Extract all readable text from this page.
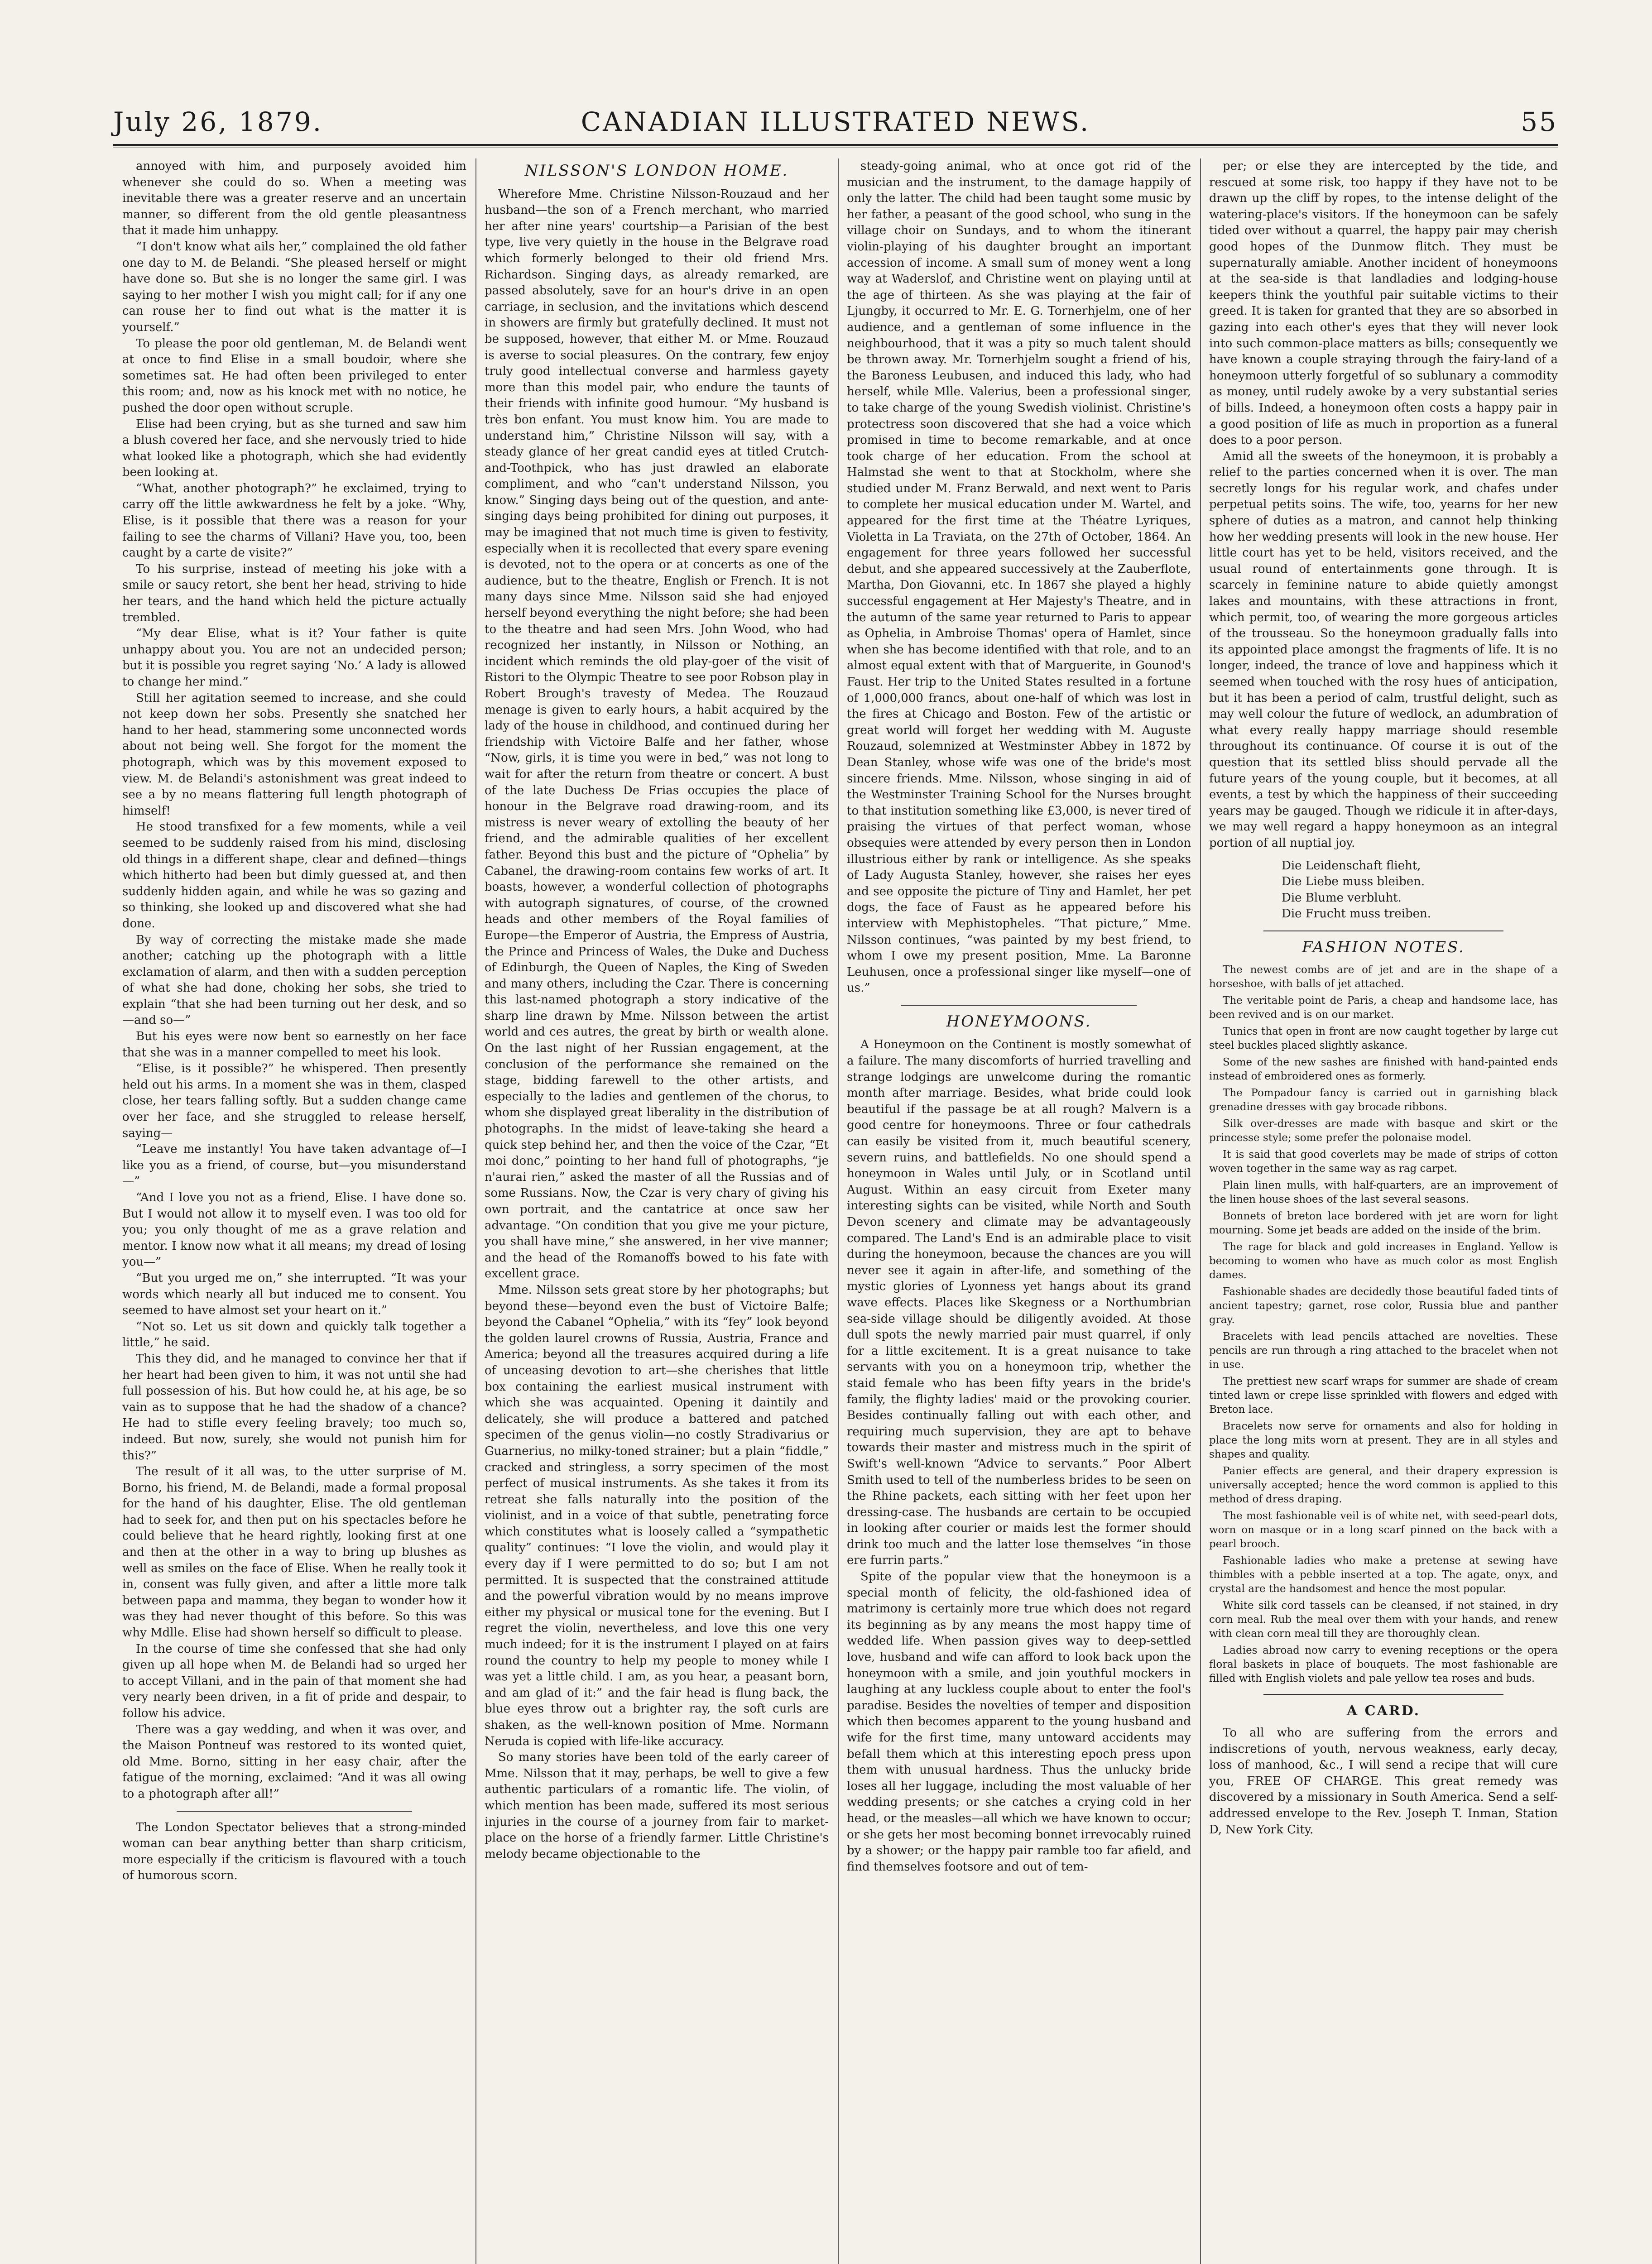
July 26, 1879.	CANADIAN ILLUSTRATED NEWS.	55

annoyed with him, and purposely avoided him whenever she could do so. When a meeting was inevitable there was a greater reserve and an uncertain manner, so different from the old gentle pleasantness that it made him unhappy.

“I don't know what ails her,” complained the old father one day to M. de Belandi. “She pleased herself or might have done so. But she is no longer the same girl. I was saying to her mother I wish you might call; for if any one can rouse her to find out what is the matter it is yourself.”

To please the poor old gentleman, M. de Belandi went at once to find Elise in a small boudoir, where she sometimes sat. He had often been privileged to enter this room; and, now as his knock met with no notice, he pushed the door open without scruple.

Elise had been crying, but as she turned and saw him a blush covered her face, and she nervously tried to hide what looked like a photograph, which she had evidently been looking at.

“What, another photograph?” he exclaimed, trying to carry off the little awkwardness he felt by a joke. “Why, Elise, is it possible that there was a reason for your failing to see the charms of Villani? Have you, too, been caught by a carte de visite?”

To his surprise, instead of meeting his joke with a smile or saucy retort, she bent her head, striving to hide her tears, and the hand which held the picture actually trembled.

“My dear Elise, what is it? Your father is quite unhappy about you. You are not an undecided person; but it is possible you regret saying ‘No.’ A lady is allowed to change her mind.”

Still her agitation seemed to increase, and she could not keep down her sobs. Presently she snatched her hand to her head, stammering some unconnected words about not being well. She forgot for the moment the photograph, which was by this movement exposed to view. M. de Belandi's astonishment was great indeed to see a by no means flattering full length photograph of himself!

He stood transfixed for a few moments, while a veil seemed to be suddenly raised from his mind, disclosing old things in a different shape, clear and defined—things which hitherto had been but dimly guessed at, and then suddenly hidden again, and while he was so gazing and so thinking, she looked up and discovered what she had done.

By way of correcting the mistake made she made another; catching up the photograph with a little exclamation of alarm, and then with a sudden perception of what she had done, choking her sobs, she tried to explain “that she had been turning out her desk, and so—and so—”

But his eyes were now bent so earnestly on her face that she was in a manner compelled to meet his look.

“Elise, is it possible?” he whispered. Then presently held out his arms. In a moment she was in them, clasped close, her tears falling softly. But a sudden change came over her face, and she struggled to release herself, saying—

“Leave me instantly! You have taken advantage of—I like you as a friend, of course, but—you misunderstand—”

“And I love you not as a friend, Elise. I have done so. But I would not allow it to myself even. I was too old for you; you only thought of me as a grave relation and mentor. I know now what it all means; my dread of losing you—”

“But you urged me on,” she interrupted. “It was your words which nearly all but induced me to consent. You seemed to have almost set your heart on it.”

“Not so. Let us sit down and quickly talk together a little,” he said.

This they did, and he managed to convince her that if her heart had been given to him, it was not until she had full possession of his. But how could he, at his age, be so vain as to suppose that he had the shadow of a chance? He had to stifle every feeling bravely; too much so, indeed. But now, surely, she would not punish him for this?”

The result of it all was, to the utter surprise of M. Borno, his friend, M. de Belandi, made a formal proposal for the hand of his daughter, Elise. The old gentleman had to seek for, and then put on his spectacles before he could believe that he heard rightly, looking first at one and then at the other in a way to bring up blushes as well as smiles on the face of Elise. When he really took it in, consent was fully given, and after a little more talk between papa and mamma, they began to wonder how it was they had never thought of this before. So this was why Mdlle. Elise had shown herself so difficult to please.

In the course of time she confessed that she had only given up all hope when M. de Belandi had so urged her to accept Villani, and in the pain of that moment she had very nearly been driven, in a fit of pride and despair, to follow his advice.

There was a gay wedding, and when it was over, and the Maison Pontneuf was restored to its wonted quiet, old Mme. Borno, sitting in her easy chair, after the fatigue of the morning, exclaimed: “And it was all owing to a photograph after all!”

The London Spectator believes that a strong-minded woman can bear anything better than sharp criticism, more especially if the criticism is flavoured with a touch of humorous scorn.

NILSSON'S LONDON HOME.

Wherefore Mme. Christine Nilsson-Rouzaud and her husband—the son of a French merchant, who married her after nine years' courtship—a Parisian of the best type, live very quietly in the house in the Belgrave road which formerly belonged to their old friend Mrs. Richardson. Singing days, as already remarked, are passed absolutely, save for an hour's drive in an open carriage, in seclusion, and the invitations which descend in showers are firmly but gratefully declined. It must not be supposed, however, that either M. or Mme. Rouzaud is averse to social pleasures. On the contrary, few enjoy truly good intellectual converse and harmless gayety more than this model pair, who endure the taunts of their friends with infinite good humour. “My husband is très bon enfant. You must know him. You are made to understand him,” Christine Nilsson will say, with a steady glance of her great candid eyes at titled Crutch-and-Toothpick, who has just drawled an elaborate compliment, and who “can't understand Nilsson, you know.” Singing days being out of the question, and ante-singing days being prohibited for dining out purposes, it may be imagined that not much time is given to festivity, especially when it is recollected that every spare evening is devoted, not to the opera or at concerts as one of the audience, but to the theatre, English or French. It is not many days since Mme. Nilsson said she had enjoyed herself beyond everything the night before; she had been to the theatre and had seen Mrs. John Wood, who had recognized her instantly, in Nilsson or Nothing, an incident which reminds the old play-goer of the visit of Ristori to the Olympic Theatre to see poor Robson play in Robert Brough's travesty of Medea. The Rouzaud menage is given to early hours, a habit acquired by the lady of the house in childhood, and continued during her friendship with Victoire Balfe and her father, whose “Now, girls, it is time you were in bed,” was not long to wait for after the return from theatre or concert. A bust of the late Duchess De Frias occupies the place of honour in the Belgrave road drawing-room, and its mistress is never weary of extolling the beauty of her friend, and the admirable qualities of her excellent father. Beyond this bust and the picture of “Ophelia” by Cabanel, the drawing-room contains few works of art. It boasts, however, a wonderful collection of photographs with autograph signatures, of course, of the crowned heads and other members of the Royal families of Europe—the Emperor of Austria, the Empress of Austria, the Prince and Princess of Wales, the Duke and Duchess of Edinburgh, the Queen of Naples, the King of Sweden and many others, including the Czar. There is concerning this last-named photograph a story indicative of the sharp line drawn by Mme. Nilsson between the artist world and ces autres, the great by birth or wealth alone. On the last night of her Russian engagement, at the conclusion of the performance she remained on the stage, bidding farewell to the other artists, and especially to the ladies and gentlemen of the chorus, to whom she displayed great liberality in the distribution of photographs. In the midst of leave-taking she heard a quick step behind her, and then the voice of the Czar, “Et moi donc,” pointing to her hand full of photographs, “je n'aurai rien,” asked the master of all the Russias and of some Russians. Now, the Czar is very chary of giving his own portrait, and the cantatrice at once saw her advantage. “On condition that you give me your picture, you shall have mine,” she answered, in her vive manner; and the head of the Romanoffs bowed to his fate with excellent grace.

Mme. Nilsson sets great store by her photographs; but beyond these—beyond even the bust of Victoire Balfe; beyond the Cabanel “Ophelia,” with its “fey” look beyond the golden laurel crowns of Russia, Austria, France and America; beyond all the treasures acquired during a life of unceasing devotion to art—she cherishes that little box containing the earliest musical instrument with which she was acquainted. Opening it daintily and delicately, she will produce a battered and patched specimen of the genus violin—no costly Stradivarius or Guarnerius, no milky-toned strainer; but a plain “fiddle,” cracked and stringless, a sorry specimen of the most perfect of musical instruments. As she takes it from its retreat she falls naturally into the position of the violinist, and in a voice of that subtle, penetrating force which constitutes what is loosely called a “sympathetic quality” continues: “I love the violin, and would play it every day if I were permitted to do so; but I am not permitted. It is suspected that the constrained attitude and the powerful vibration would by no means improve either my physical or musical tone for the evening. But I regret the violin, nevertheless, and love this one very much indeed; for it is the instrument I played on at fairs round the country to help my people to money while I was yet a little child. I am, as you hear, a peasant born, and am glad of it:” and the fair head is flung back, the blue eyes throw out a brighter ray, the soft curls are shaken, as the well-known position of Mme. Normann Neruda is copied with life-like accuracy.

So many stories have been told of the early career of Mme. Nilsson that it may, perhaps, be well to give a few authentic particulars of a romantic life. The violin, of which mention has been made, suffered its most serious injuries in the course of a journey from fair to market-place on the horse of a friendly farmer. Little Christine's melody became objectionable to the

steady-going animal, who at once got rid of the musician and the instrument, to the damage happily of only the latter. The child had been taught some music by her father, a peasant of the good school, who sung in the village choir on Sundays, and to whom the itinerant violin-playing of his daughter brought an important accession of income. A small sum of money went a long way at Waderslof, and Christine went on playing until at the age of thirteen. As she was playing at the fair of Ljungby, it occurred to Mr. E. G. Tornerhjelm, one of her audience, and a gentleman of some influence in the neighbourhood, that it was a pity so much talent should be thrown away. Mr. Tornerhjelm sought a friend of his, the Baroness Leubusen, and induced this lady, who had herself, while Mlle. Valerius, been a professional singer, to take charge of the young Swedish violinist. Christine's protectress soon discovered that she had a voice which promised in time to become remarkable, and at once took charge of her education. From the school at Halmstad she went to that at Stockholm, where she studied under M. Franz Berwald, and next went to Paris to complete her musical education under M. Wartel, and appeared for the first time at the Théatre Lyriques, Violetta in La Traviata, on the 27th of October, 1864. An engagement for three years followed her successful debut, and she appeared successively at the Zauberflote, Martha, Don Giovanni, etc. In 1867 she played a highly successful engagement at Her Majesty's Theatre, and in the autumn of the same year returned to Paris to appear as Ophelia, in Ambroise Thomas' opera of Hamlet, since when she has become identified with that role, and to an almost equal extent with that of Marguerite, in Gounod's Faust. Her trip to the United States resulted in a fortune of 1,000,000 francs, about one-half of which was lost in the fires at Chicago and Boston. Few of the artistic or great world will forget her wedding with M. Auguste Rouzaud, solemnized at Westminster Abbey in 1872 by Dean Stanley, whose wife was one of the bride's most sincere friends. Mme. Nilsson, whose singing in aid of the Westminster Training School for the Nurses brought to that institution something like £3,000, is never tired of praising the virtues of that perfect woman, whose obsequies were attended by every person then in London illustrious either by rank or intelligence. As she speaks of Lady Augusta Stanley, however, she raises her eyes and see opposite the picture of Tiny and Hamlet, her pet dogs, the face of Faust as he appeared before his interview with Mephistopheles. “That picture,” Mme. Nilsson continues, “was painted by my best friend, to whom I owe my present position, Mme. La Baronne Leuhusen, once a professional singer like myself—one of us.”

HONEYMOONS.

A Honeymoon on the Continent is mostly somewhat of a failure. The many discomforts of hurried travelling and strange lodgings are unwelcome during the romantic month after marriage. Besides, what bride could look beautiful if the passage be at all rough? Malvern is a good centre for honeymoons. Three or four cathedrals can easily be visited from it, much beautiful scenery, severn ruins, and battlefields. No one should spend a honeymoon in Wales until July, or in Scotland until August. Within an easy circuit from Exeter many interesting sights can be visited, while North and South Devon scenery and climate may be advantageously compared. The Land's End is an admirable place to visit during the honeymoon, because the chances are you will never see it again in after-life, and something of the mystic glories of Lyonness yet hangs about its grand wave effects. Places like Skegness or a Northumbrian sea-side village should be diligently avoided. At those dull spots the newly married pair must quarrel, if only for a little excitement. It is a great nuisance to take servants with you on a honeymoon trip, whether the staid female who has been fifty years in the bride's family, the flighty ladies' maid or the provoking courier. Besides continually falling out with each other, and requiring much supervision, they are apt to behave towards their master and mistress much in the spirit of Swift's well-known “Advice to servants.” Poor Albert Smith used to tell of the numberless brides to be seen on the Rhine packets, each sitting with her feet upon her dressing-case. The husbands are certain to be occupied in looking after courier or maids lest the former should drink too much and the latter lose themselves “in those ere furrin parts.”

Spite of the popular view that the honeymoon is a special month of felicity, the old-fashioned idea of matrimony is certainly more true which does not regard its beginning as by any means the most happy time of wedded life. When passion gives way to deep-settled love, husband and wife can afford to look back upon the honeymoon with a smile, and join youthful mockers in laughing at any luckless couple about to enter the fool's paradise. Besides the novelties of temper and disposition which then becomes apparent to the young husband and wife for the first time, many untoward accidents may befall them which at this interesting epoch press upon them with unusual hardness. Thus the unlucky bride loses all her luggage, including the most valuable of her wedding presents; or she catches a crying cold in her head, or the measles—all which we have known to occur; or she gets her most becoming bonnet irrevocably ruined by a shower; or the happy pair ramble too far afield, and find themselves footsore and out of tem-

per; or else they are intercepted by the tide, and rescued at some risk, too happy if they have not to be drawn up the cliff by ropes, to the intense delight of the watering-place's visitors. If the honeymoon can be safely tided over without a quarrel, the happy pair may cherish good hopes of the Dunmow flitch. They must be supernaturally amiable. Another incident of honeymoons at the sea-side is that landladies and lodging-house keepers think the youthful pair suitable victims to their greed. It is taken for granted that they are so absorbed in gazing into each other's eyes that they will never look into such common-place matters as bills; consequently we have known a couple straying through the fairy-land of a honeymoon utterly forgetful of so sublunary a commodity as money, until rudely awoke by a very substantial series of bills. Indeed, a honeymoon often costs a happy pair in a good position of life as much in proportion as a funeral does to a poor person.

Amid all the sweets of the honeymoon, it is probably a relief to the parties concerned when it is over. The man secretly longs for his regular work, and chafes under perpetual petits soins. The wife, too, yearns for her new sphere of duties as a matron, and cannot help thinking how her wedding presents will look in the new house. Her little court has yet to be held, visitors received, and the usual round of entertainments gone through. It is scarcely in feminine nature to abide quietly amongst lakes and mountains, with these attractions in front, which permit, too, of wearing the more gorgeous articles of the trousseau. So the honeymoon gradually falls into its appointed place amongst the fragments of life. It is no longer, indeed, the trance of love and happiness which it seemed when touched with the rosy hues of anticipation, but it has been a period of calm, trustful delight, such as may well colour the future of wedlock, an adumbration of what every really happy marriage should resemble throughout its continuance. Of course it is out of the question that its settled bliss should pervade all the future years of the young couple, but it becomes, at all events, a test by which the happiness of their succeeding years may be gauged. Though we ridicule it in after-days, we may well regard a happy honeymoon as an integral portion of all nuptial joy.

Die Leidenschaft flieht,
Die Liebe muss bleiben.
Die Blume verbluht.
Die Frucht muss treiben.
FASHION NOTES.

The newest combs are of jet and are in the shape of a horseshoe, with balls of jet attached.

The veritable point de Paris, a cheap and handsome lace, has been revived and is on our market.

Tunics that open in front are now caught together by large cut steel buckles placed slightly askance.

Some of the new sashes are finished with hand-painted ends instead of embroidered ones as formerly.

The Pompadour fancy is carried out in garnishing black grenadine dresses with gay brocade ribbons.

Silk over-dresses are made with basque and skirt or the princesse style; some prefer the polonaise model.

It is said that good coverlets may be made of strips of cotton woven together in the same way as rag carpet.

Plain linen mulls, with half-quarters, are an improvement of the linen house shoes of the last several seasons.

Bonnets of breton lace bordered with jet are worn for light mourning. Some jet beads are added on the inside of the brim.

The rage for black and gold increases in England. Yellow is becoming to women who have as much color as most English dames.

Fashionable shades are decidedly those beautiful faded tints of ancient tapestry; garnet, rose color, Russia blue and panther gray.

Bracelets with lead pencils attached are novelties. These pencils are run through a ring attached to the bracelet when not in use.

The prettiest new scarf wraps for summer are shade of cream tinted lawn or crepe lisse sprinkled with flowers and edged with Breton lace.

Bracelets now serve for ornaments and also for holding in place the long mits worn at present. They are in all styles and shapes and quality.

Panier effects are general, and their drapery expression is universally accepted; hence the word common is applied to this method of dress draping.

The most fashionable veil is of white net, with seed-pearl dots, worn on masque or in a long scarf pinned on the back with a pearl brooch.

Fashionable ladies who make a pretense at sewing have thimbles with a pebble inserted at a top. The agate, onyx, and crystal are the handsomest and hence the most popular.

White silk cord tassels can be cleansed, if not stained, in dry corn meal. Rub the meal over them with your hands, and renew with clean corn meal till they are thoroughly clean.

Ladies abroad now carry to evening receptions or the opera floral baskets in place of bouquets. The most fashionable are filled with English violets and pale yellow tea roses and buds.

A CARD.

To all who are suffering from the errors and indiscretions of youth, nervous weakness, early decay, loss of manhood, &c., I will send a recipe that will cure you, FREE OF CHARGE. This great remedy was discovered by a missionary in South America. Send a self-addressed envelope to the Rev. Joseph T. Inman, Station D, New York City.
